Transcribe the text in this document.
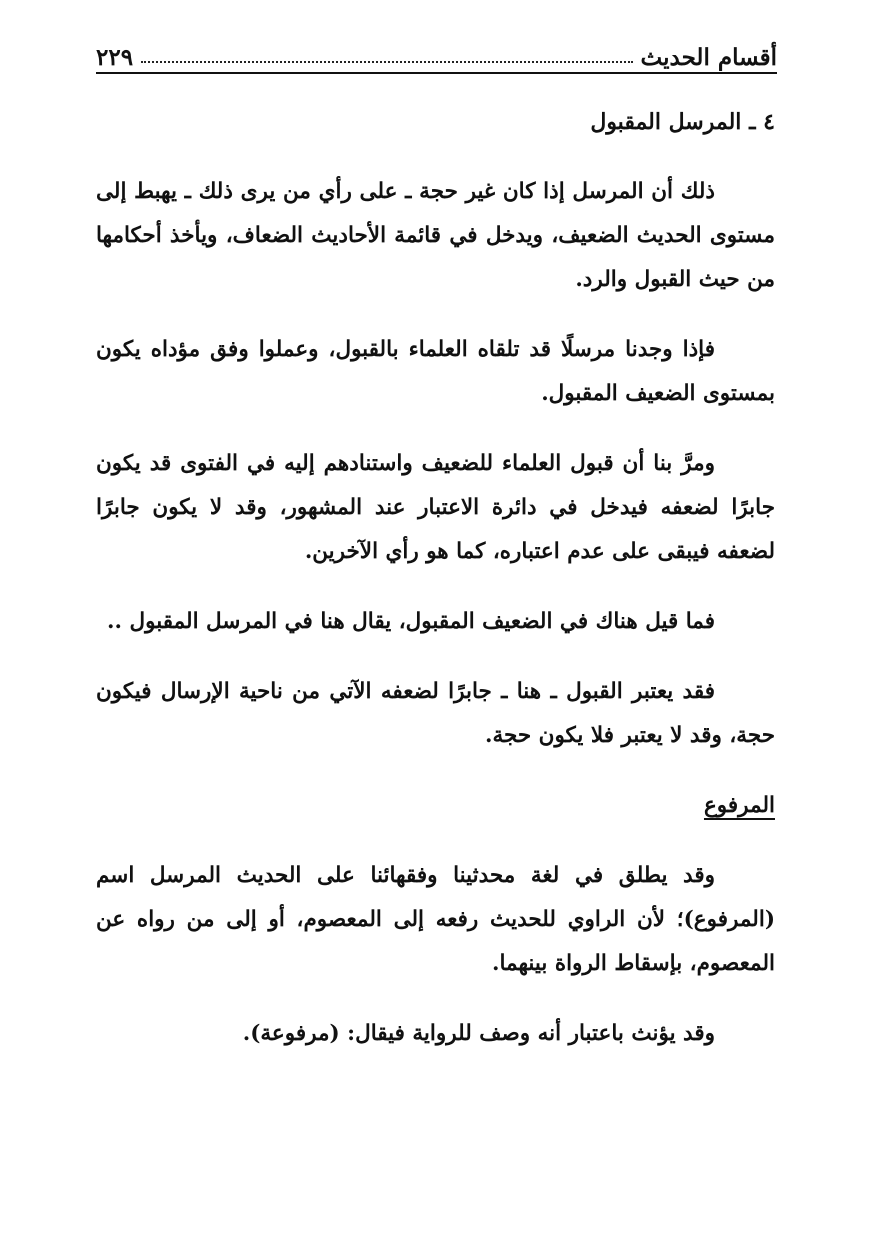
أقسام الحديث
٢٢٩
٤ ـ المرسل المقبول

ذلك أن المرسل إذا كان غير حجة ـ على رأي من يرى ذلك ـ يهبط إلى مستوى الحديث الضعيف، ويدخل في قائمة الأحاديث الضعاف، ويأخذ أحكامها من حيث القبول والرد.

فإذا وجدنا مرسلًا قد تلقاه العلماء بالقبول، وعملوا وفق مؤداه يكون بمستوى الضعيف المقبول.

ومرَّ بنا أن قبول العلماء للضعيف واستنادهم إليه في الفتوى قد يكون جابرًا لضعفه فيدخل في دائرة الاعتبار عند المشهور، وقد لا يكون جابرًا لضعفه فيبقى على عدم اعتباره، كما هو رأي الآخرين.

فما قيل هناك في الضعيف المقبول، يقال هنا في المرسل المقبول ..

فقد يعتبر القبول ـ هنا ـ جابرًا لضعفه الآتي من ناحية الإرسال فيكون حجة، وقد لا يعتبر فلا يكون حجة.

المرفوع

وقد يطلق في لغة محدثينا وفقهائنا على الحديث المرسل اسم (المرفوع)؛ لأن الراوي للحديث رفعه إلى المعصوم، أو إلى من رواه عن المعصوم، بإسقاط الرواة بينهما.

وقد يؤنث باعتبار أنه وصف للرواية فيقال: (مرفوعة).
